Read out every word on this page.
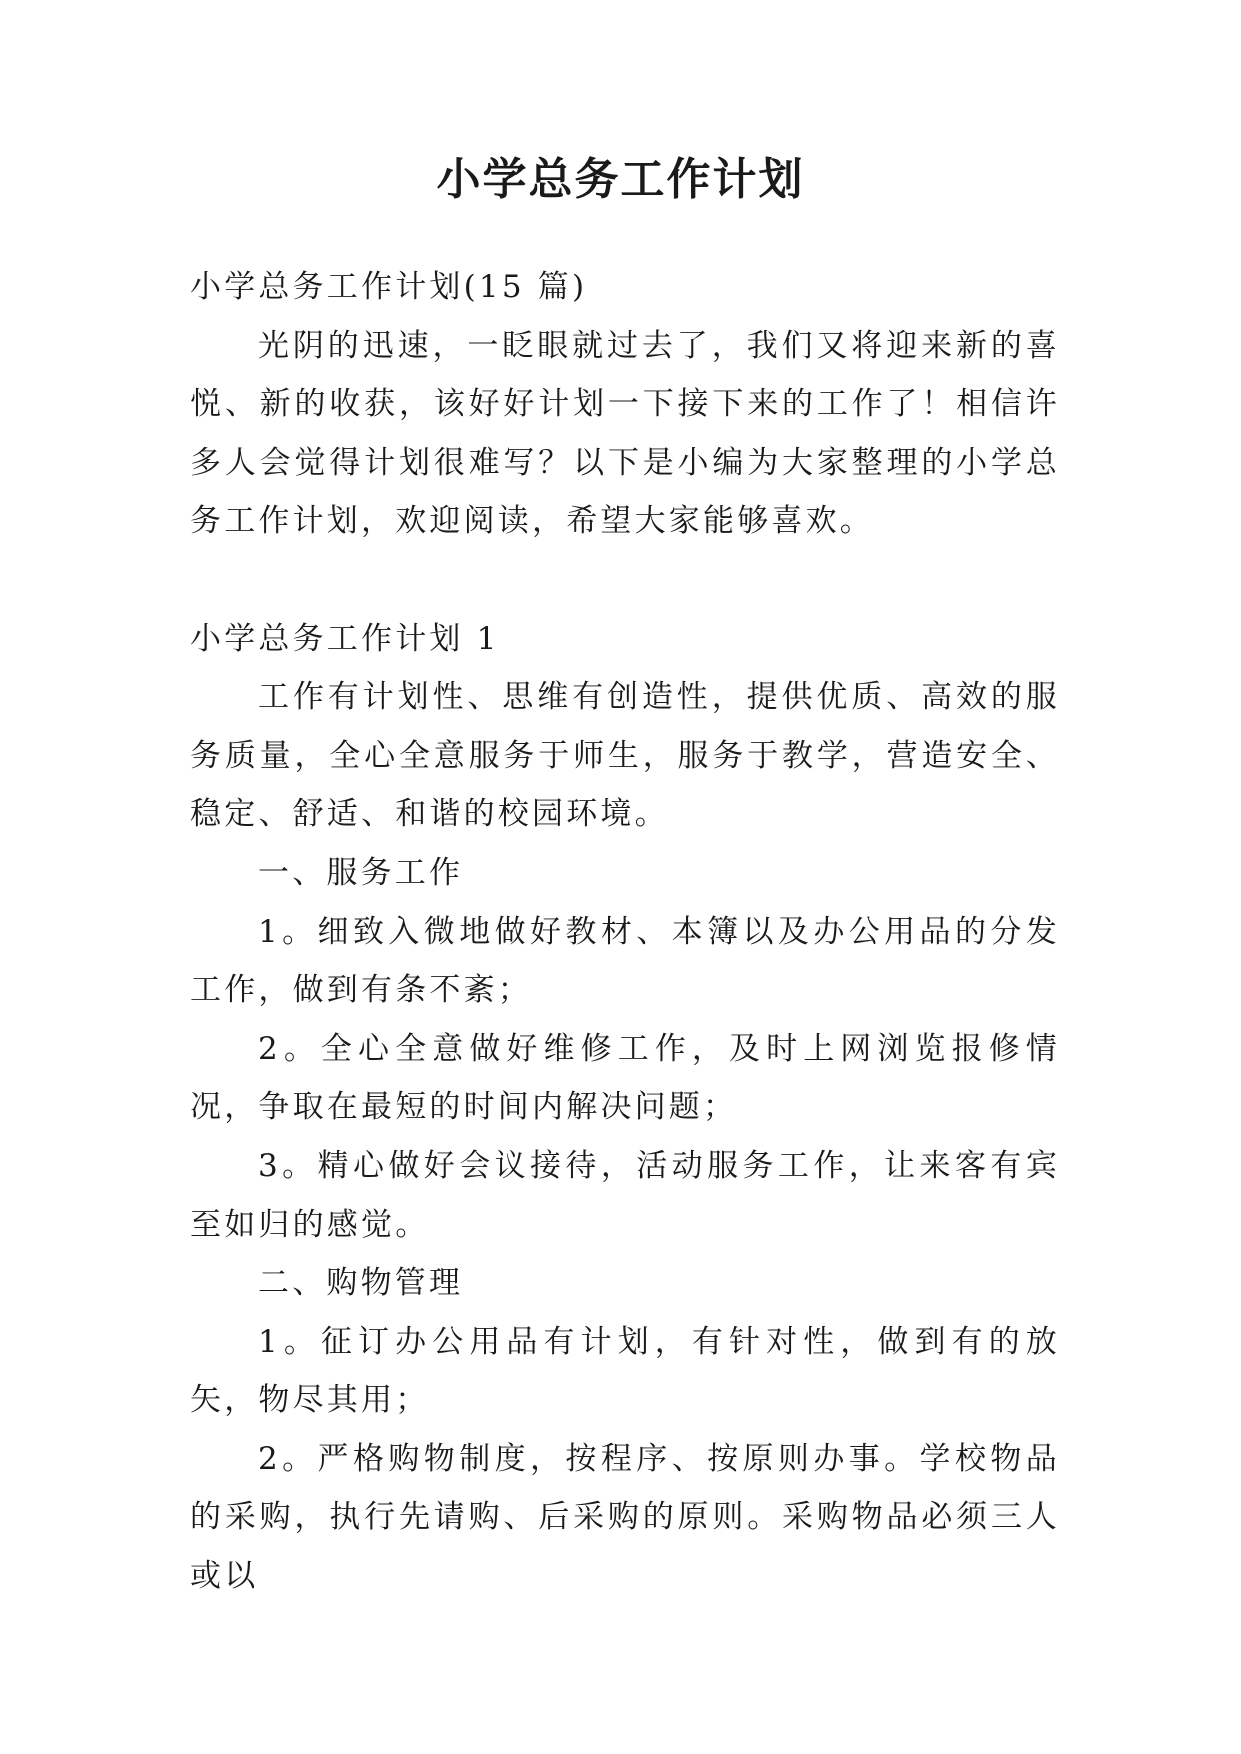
小学总务工作计划

小学总务工作计划(15 篇)

光阴的迅速，一眨眼就过去了，我们又将迎来新的喜悦、新的收获，该好好计划一下接下来的工作了！相信许多人会觉得计划很难写？以下是小编为大家整理的小学总务工作计划，欢迎阅读，希望大家能够喜欢。

小学总务工作计划 1

工作有计划性、思维有创造性，提供优质、高效的服务质量，全心全意服务于师生，服务于教学，营造安全、稳定、舒适、和谐的校园环境。

一、服务工作

1。细致入微地做好教材、本簿以及办公用品的分发工作，做到有条不紊；

2。全心全意做好维修工作，及时上网浏览报修情况，争取在最短的时间内解决问题；

3。精心做好会议接待，活动服务工作，让来客有宾至如归的感觉。

二、购物管理

1。征订办公用品有计划，有针对性，做到有的放矢，物尽其用；

2。严格购物制度，按程序、按原则办事。学校物品的采购，执行先请购、后采购的原则。采购物品必须三人或以
